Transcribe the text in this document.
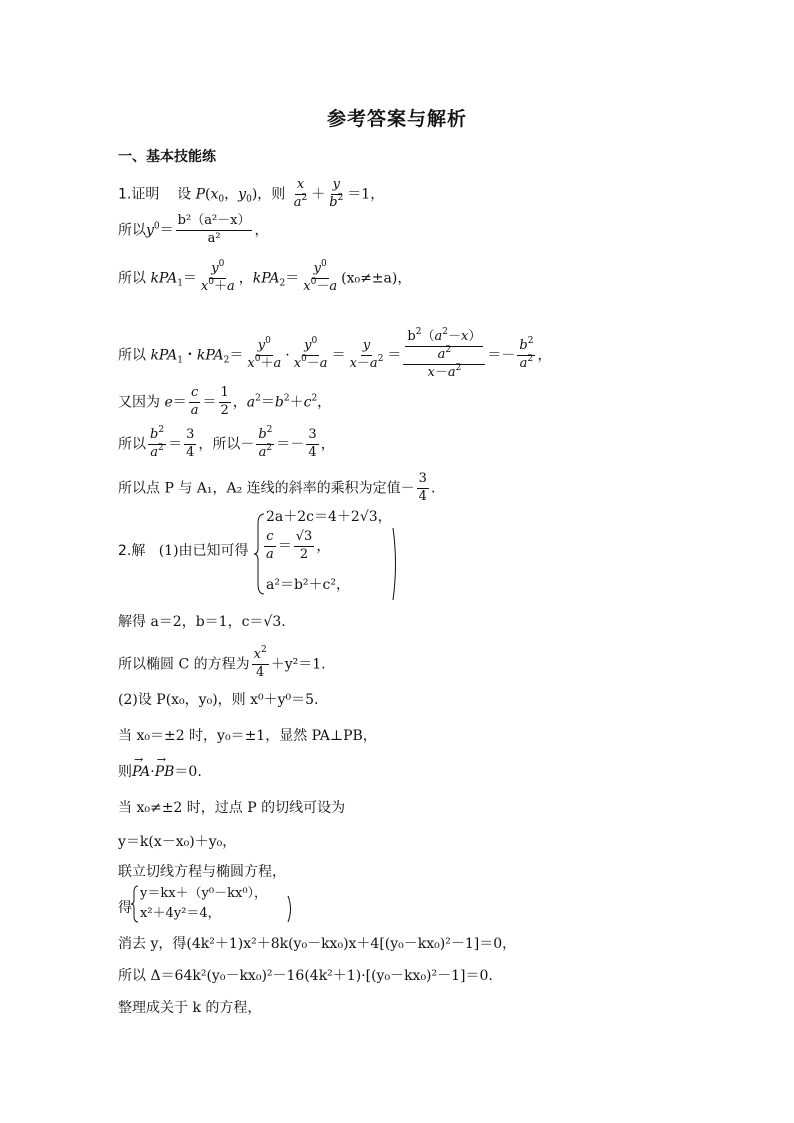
参考答案与解析
一、基本技能练
1.证明 设 $P(x_0$，$y_0$)，则 $\frac{x}{a^2} + \frac{y}{b^2} =1$，
所以$y^0= \frac{\text{b²（a²－x）}}{\text{a²}}$ ，
所以 $kPA_1= \frac{y^0}{x^0+a}$ ，$kPA_2= \frac{y^0}{x^0-a} (x_0\ne\pm a)$，
所以 kPA$_1$・$kPA_2= \frac{y^0}{x^0+a} \cdot \frac{y^0}{x^0-a} = \frac{y}{x-a^2} = \frac{\frac{b^2(a^2-x)}{a^2}}{x-a^2} =- \frac{b^2}{a^2}$ ，
又因为 $e= \frac{c}{a} = \frac{1}{2}$ ，$a^2=b^2+c^2$，
所以 $\frac{b^2}{a^2} = \frac{3}{4}$ ，所以－ $\frac{b^2}{a^2} =- \frac{3}{4}$ ，
所以点 P 与 A₁，A₂ 连线的斜率的乘积为定值－ $\frac{3}{4}$ .
2.解 (1)由已知可得
2a＋2c＝4＋2√3，
$\frac{c}{a} = \frac{√3}{2}$ ，
a²＝b²＋c²，
解得 a＝2，b＝1，c＝√3.
所以椭圆 C 的方程为 $\frac{x^2}{4} +y^2=1$.
(2)设 P(x₀，y₀)，则 x⁰＋y⁰＝5.
当 x₀＝±2 时，y₀＝±1，显然 PA⊥PB，
则→ PA·→ PB＝0.
当 x₀≠±2 时，过点 P 的切线可设为
y＝k(x－x₀)＋y₀，
联立切线方程与椭圆方程，
得
y＝kx＋（y⁰－kx⁰），
x²＋4y²＝4，
消去 y，得(4k²＋1)x²＋8k(y₀－kx₀)x＋4[(y₀－kx₀)²－1]＝0，
所以 Δ＝64k²(y₀－kx₀)²－16(4k²＋1)·[(y₀－kx₀)²－1]＝0.
整理成关于 k 的方程，
